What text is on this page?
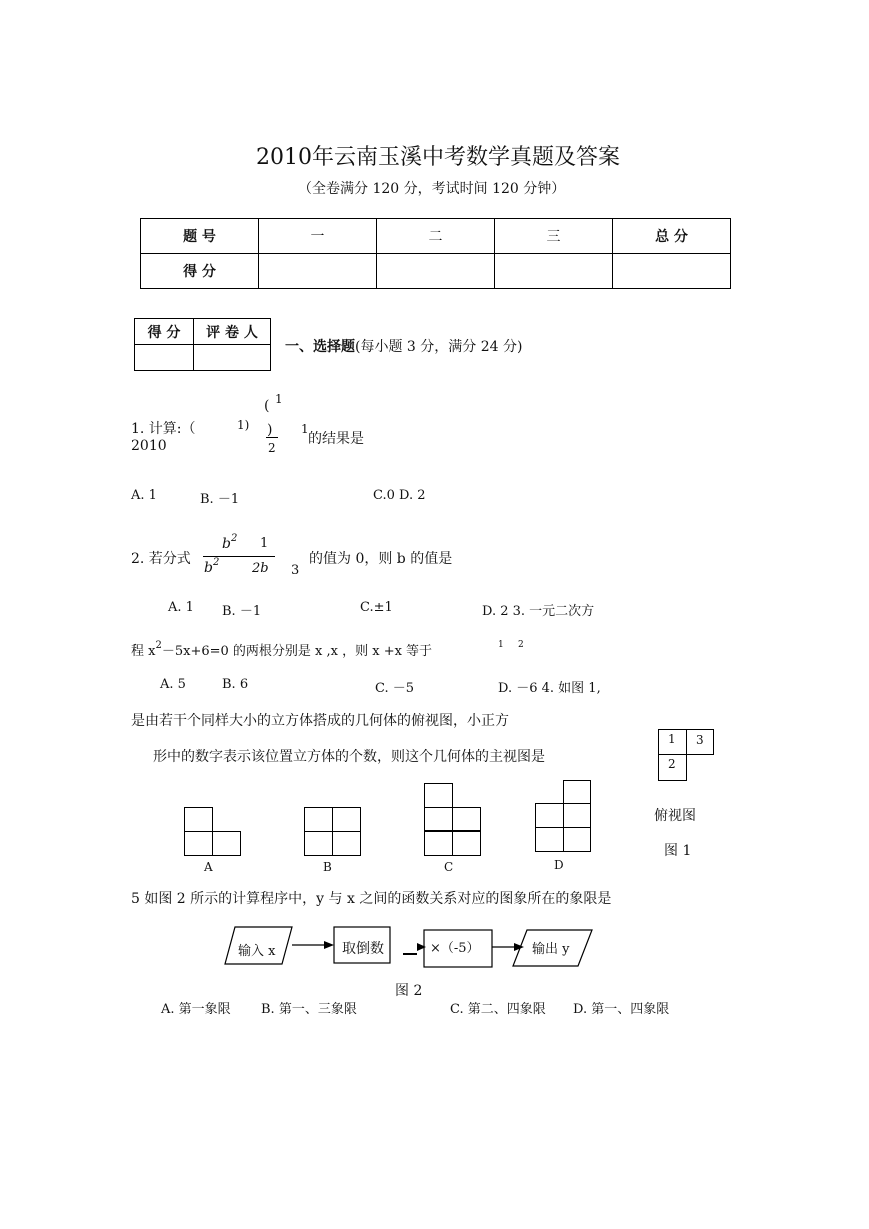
2010年云南玉溪中考数学真题及答案
（全卷满分 120 分，考试时间 120 分钟）
题 号	一	二	三	总 分
得 分				
得 分	评 卷 人

一、选择题(每小题 3 分，满分 24 分)
1. 计算:（	1)
2010
( 1
)
2
1
的结果是
A. 1	B. －1	C.0 D. 2
2. 若分式
$b^2$ 1
$b^2$	2b 3
的值为 0，则 b 的值是
A. 1 B. －1	C.±1	D. 2 3. 一元二次方
程 $x^2-5x+6=0$ 的两根分别是 x ,x ，则 x +x 等于	1 2
A. 5	B. 6	C. －5	D. －6 4. 如图 1,
是由若干个同样大小的立方体搭成的几何体的俯视图，小正方
形中的数字表示该位置立方体的个数，则这个几何体的主视图是
1 3
2
俯视图
图 1
A	B	C	D
5 如图 2 所示的计算程序中，y 与 x 之间的函数关系对应的图象所在的象限是
输入 x	取倒数	×（-5）	输出 y
图 2
A. 第一象限 B. 第一、三象限	C. 第二、四象限 D. 第一、四象限
